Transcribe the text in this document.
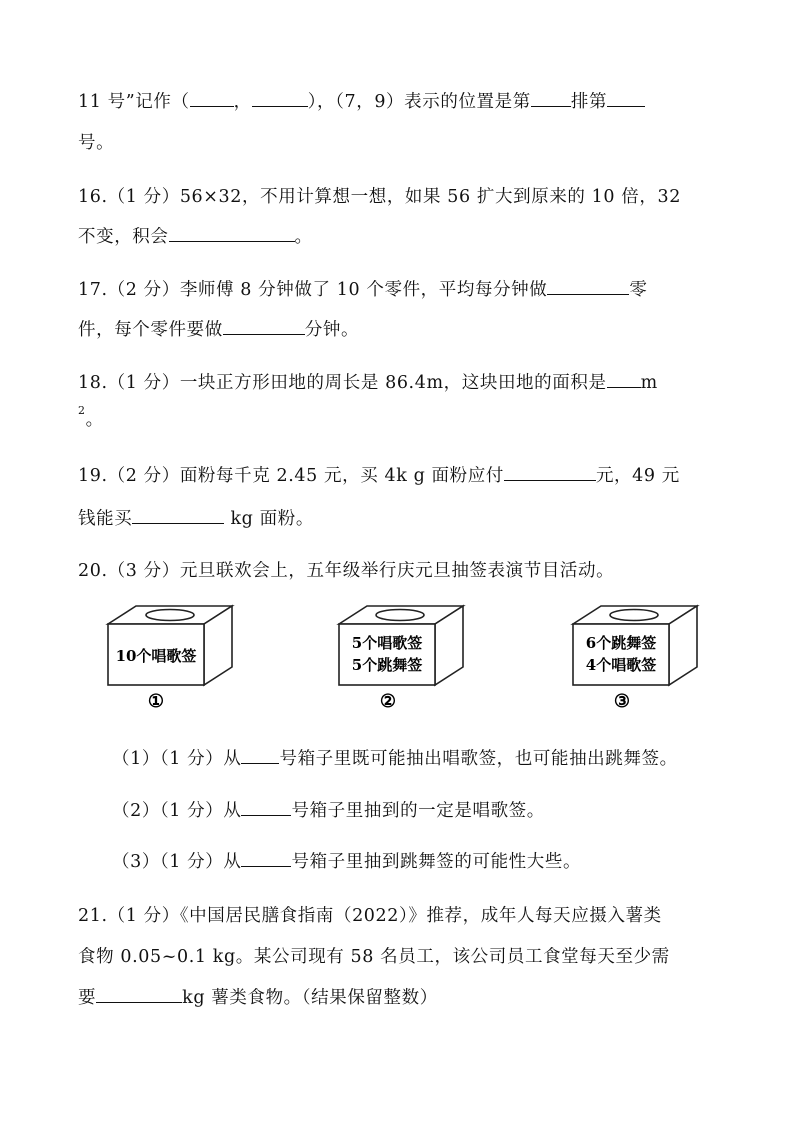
11 号”记作（	，	），（7，9）表示的位置是第 排第
号。
16.（1 分）56×32，不用计算想一想，如果 56 扩大到原来的 10 倍，32
不变，积会	。
17.（2 分）李师傅 8 分钟做了 10 个零件，平均每分钟做	零
件，每个零件要做	分钟。
18.（1 分）一块正方形田地的周长是 86.4m，这块田地的面积是 m
$^2$。
19.（2 分）面粉每千克 2.45 元，买 4k g 面粉应付	元，49 元
钱能买	kg 面粉。
20.（3 分）元旦联欢会上，五年级举行庆元旦抽签表演节目活动。
10个唱歌签
①
5个唱歌签
5个跳舞签
②
6个跳舞签
4个唱歌签
③
（1）（1 分）从 号箱子里既可能抽出唱歌签，也可能抽出跳舞签。
（2）（1 分）从	号箱子里抽到的一定是唱歌签。
（3）（1 分）从	号箱子里抽到跳舞签的可能性大些。
21.（1 分）《中国居民膳食指南（2022）》推荐，成年人每天应摄入薯类
食物 0.05~0.1 kg。某公司现有 58 名员工，该公司员工食堂每天至少需
要	kg 薯类食物。（结果保留整数）
